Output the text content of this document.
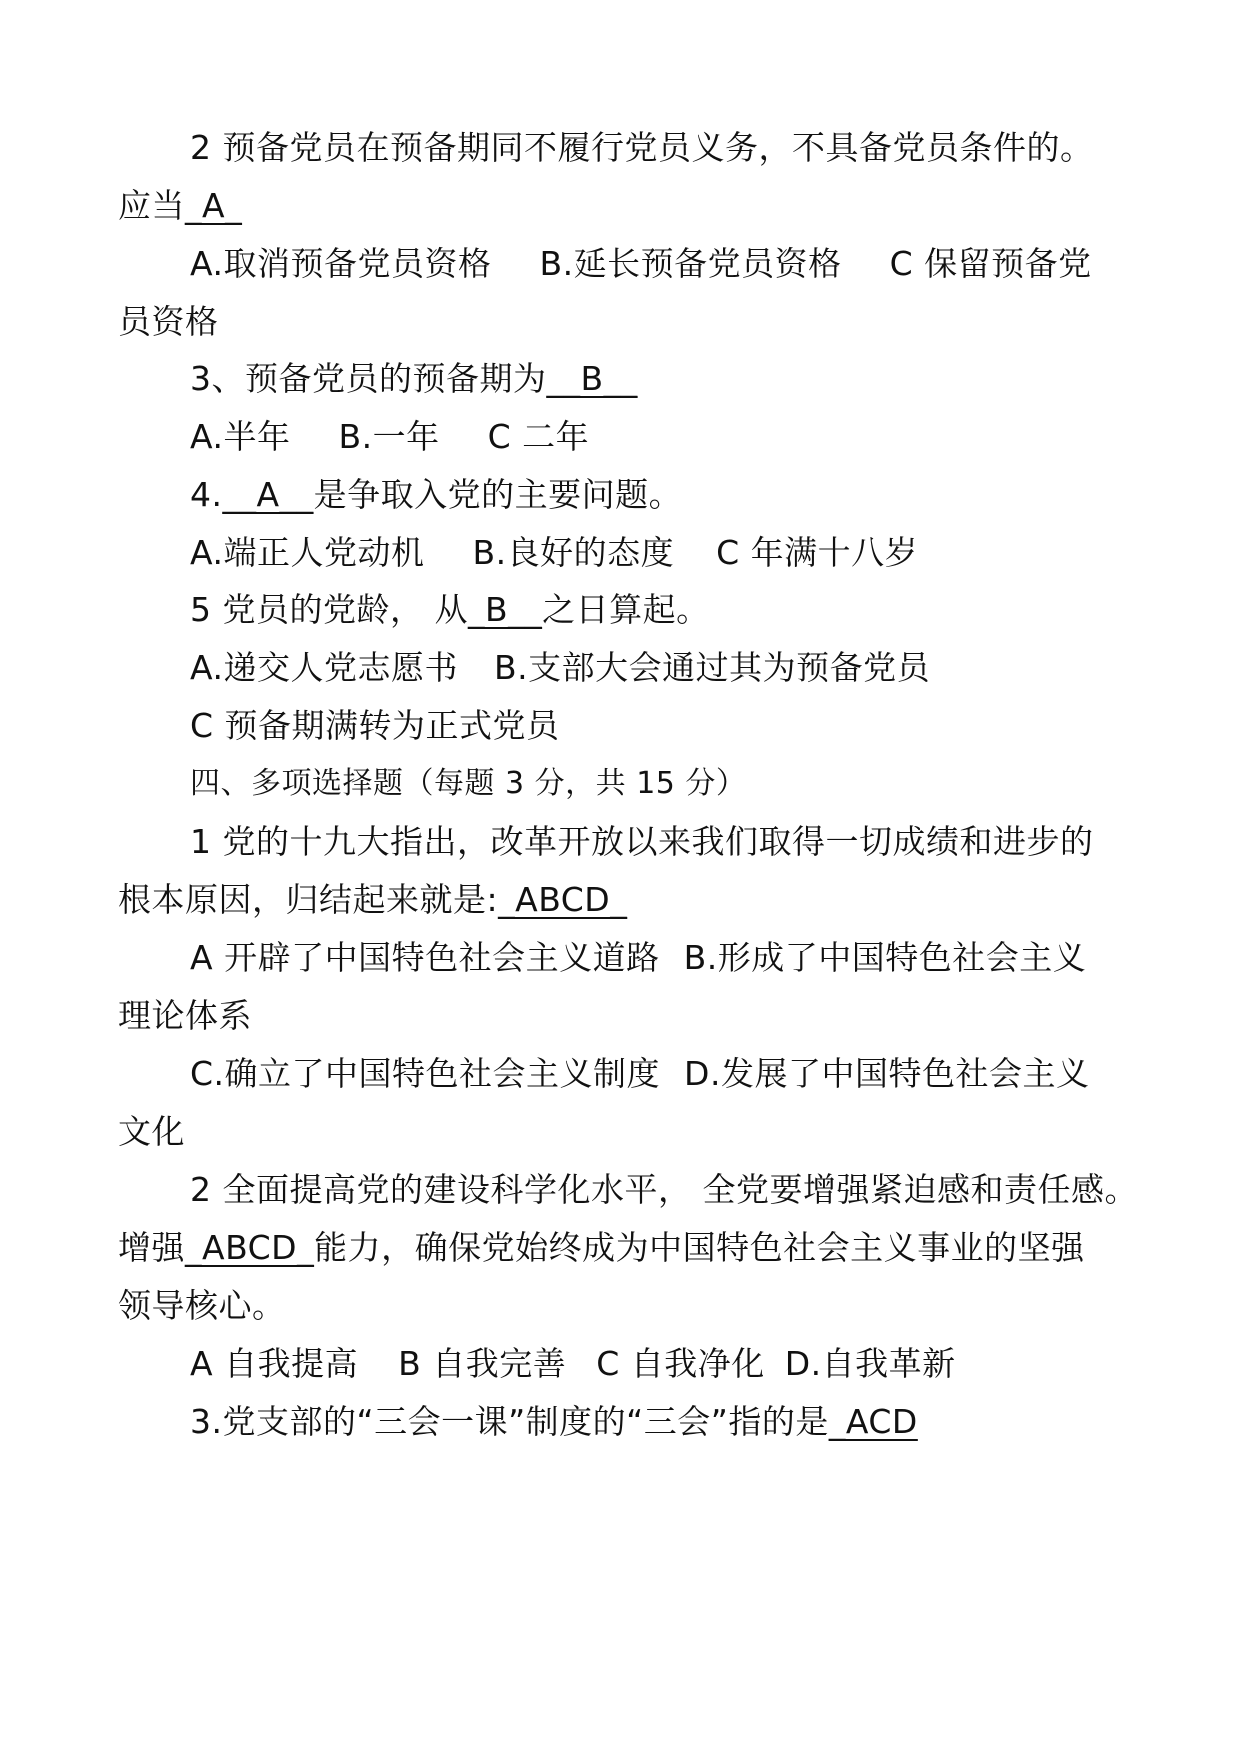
2 预备党员在预备期同不履行党员义务，不具备党员条件的。
应当_A_
A.取消预备党员资格 B.延长预备党员资格 C 保留预备党
员资格
3、预备党员的预备期为__B__
A.半年 B.一年 C 二年
4.__A__是争取入党的主要问题。
A.端正人党动机 B.良好的态度 C 年满十八岁
5 党员的党龄， 从_B__之日算起。
A.递交人党志愿书 B.支部大会通过其为预备党员
C 预备期满转为正式党员
四、多项选择题（每题 3 分，共 15 分）
1 党的十九大指出，改革开放以来我们取得一切成绩和进步的
根本原因，归结起来就是:_ABCD_
A 开辟了中国特色社会主义道路 B.形成了中国特色社会主义
理论体系
C.确立了中国特色社会主义制度 D.发展了中国特色社会主义
文化
2 全面提高党的建设科学化水平， 全党要增强紧迫感和责任感。
增强_ABCD_能力，确保党始终成为中国特色社会主义事业的坚强
领导核心。
A 自我提高 B 自我完善 C 自我净化 D.自我革新
3.党支部的“三会一课”制度的“三会”指的是_ACD
